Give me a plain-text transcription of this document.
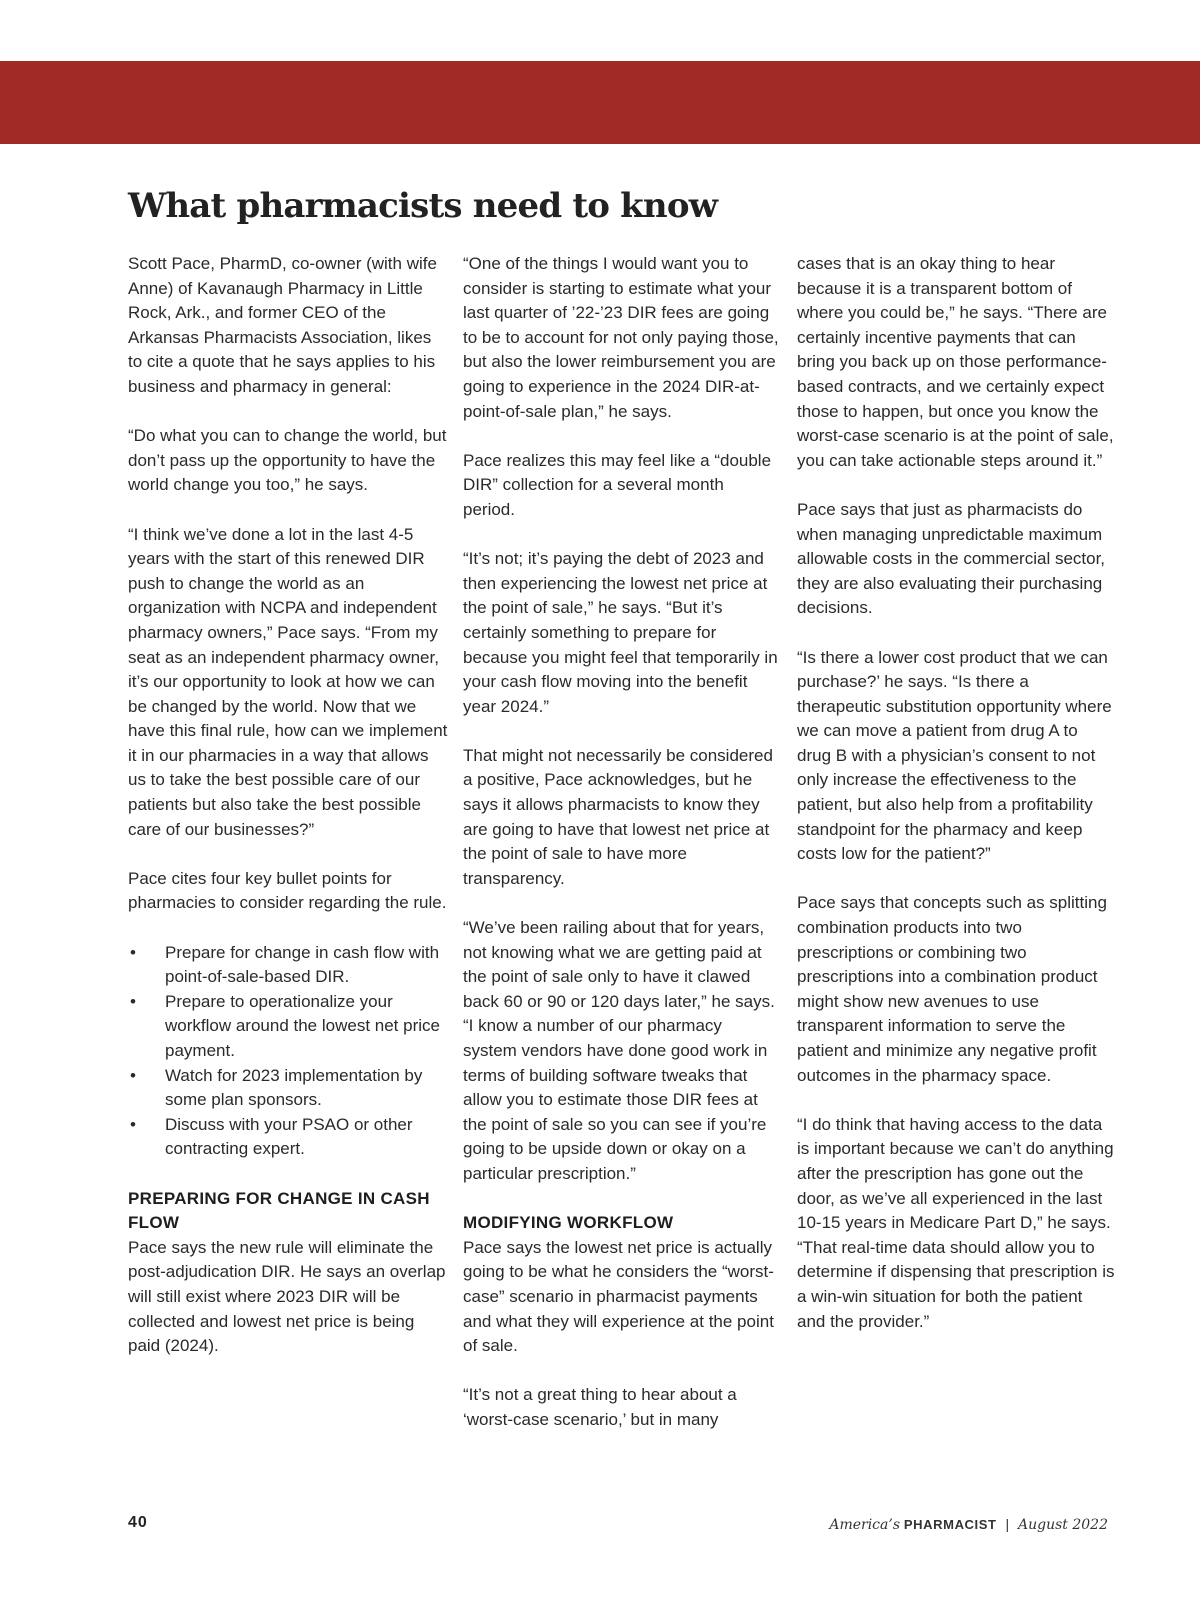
What pharmacists need to know

Scott Pace, PharmD, co-owner (with wife Anne) of Kavanaugh Pharmacy in Little Rock, Ark., and former CEO of the Arkansas Pharmacists Association, likes to cite a quote that he says applies to his business and pharmacy in general:

“Do what you can to change the world, but don’t pass up the opportunity to have the world change you too,” he says.

“I think we’ve done a lot in the last 4-5 years with the start of this renewed DIR push to change the world as an organization with NCPA and independent pharmacy owners,” Pace says. “From my seat as an independent pharmacy owner, it’s our opportunity to look at how we can be changed by the world. Now that we have this final rule, how can we implement it in our pharmacies in a way that allows us to take the best possible care of our patients but also take the best possible care of our businesses?”

Pace cites four key bullet points for pharmacies to consider regarding the rule.

• Prepare for change in cash flow with point-of-sale-based DIR.
• Prepare to operationalize your workflow around the lowest net price payment.
• Watch for 2023 implementation by some plan sponsors.
• Discuss with your PSAO or other contracting expert.

PREPARING FOR CHANGE IN CASH FLOW

Pace says the new rule will eliminate the post-adjudication DIR. He says an overlap will still exist where 2023 DIR will be collected and lowest net price is being paid (2024).

“One of the things I would want you to consider is starting to estimate what your last quarter of ’22-’23 DIR fees are going to be to account for not only paying those, but also the lower reimbursement you are going to experience in the 2024 DIR-at-point-of-sale plan,” he says.

Pace realizes this may feel like a “double DIR” collection for a several month period.

“It’s not; it’s paying the debt of 2023 and then experiencing the lowest net price at the point of sale,” he says. “But it’s certainly something to prepare for because you might feel that temporarily in your cash flow moving into the benefit year 2024.”

That might not necessarily be considered a positive, Pace acknowledges, but he says it allows pharmacists to know they are going to have that lowest net price at the point of sale to have more transparency.

“We’ve been railing about that for years, not knowing what we are getting paid at the point of sale only to have it clawed back 60 or 90 or 120 days later,” he says. “I know a number of our pharmacy system vendors have done good work in terms of building software tweaks that allow you to estimate those DIR fees at the point of sale so you can see if you’re going to be upside down or okay on a particular prescription.”

MODIFYING WORKFLOW

Pace says the lowest net price is actually going to be what he considers the “worst-case” scenario in pharmacist payments and what they will experience at the point of sale.

“It’s not a great thing to hear about a ‘worst-case scenario,’ but in many

cases that is an okay thing to hear because it is a transparent bottom of where you could be,” he says. “There are certainly incentive payments that can bring you back up on those performance-based contracts, and we certainly expect those to happen, but once you know the worst-case scenario is at the point of sale, you can take actionable steps around it.”

Pace says that just as pharmacists do when managing unpredictable maximum allowable costs in the commercial sector, they are also evaluating their purchasing decisions.

“Is there a lower cost product that we can purchase?’ he says. “Is there a therapeutic substitution opportunity where we can move a patient from drug A to drug B with a physician’s consent to not only increase the effectiveness to the patient, but also help from a profitability standpoint for the pharmacy and keep costs low for the patient?”

Pace says that concepts such as splitting combination products into two prescriptions or combining two prescriptions into a combination product might show new avenues to use transparent information to serve the patient and minimize any negative profit outcomes in the pharmacy space.

“I do think that having access to the data is important because we can’t do anything after the prescription has gone out the door, as we’ve all experienced in the last 10-15 years in Medicare Part D,” he says. “That real-time data should allow you to determine if dispensing that prescription is a win-win situation for both the patient and the provider.”

40	America’s PHARMACIST | August 2022
